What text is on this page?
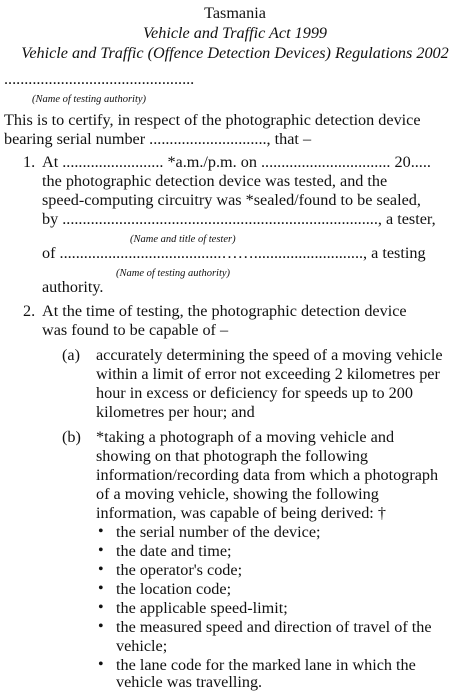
Tasmania
Vehicle and Traffic Act 1999
Vehicle and Traffic (Offence Detection Devices) Regulations 2002
...............................................
(Name of testing authority)
This is to certify, in respect of the photographic detection device
bearing serial number ............................., that –
1. At ......................... *a.m./p.m. on ................................ 20.....
the photographic detection device was tested, and the
speed-computing circuitry was *sealed/found to be sealed,
by .............................................................................., a tester,
(Name and title of tester)
of ........................................……..........................., a testing
(Name of testing authority)
authority.
2. At the time of testing, the photographic detection device
was found to be capable of –
(a) accurately determining the speed of a moving vehicle
within a limit of error not exceeding 2 kilometres per
hour in excess or deficiency for speeds up to 200
kilometres per hour; and
(b) *taking a photograph of a moving vehicle and
showing on that photograph the following
information/recording data from which a photograph
of a moving vehicle, showing the following
information, was capable of being derived: †
• the serial number of the device;
• the date and time;
• the operator's code;
• the location code;
• the applicable speed-limit;
• the measured speed and direction of travel of the
vehicle;
• the lane code for the marked lane in which the
vehicle was travelling.
